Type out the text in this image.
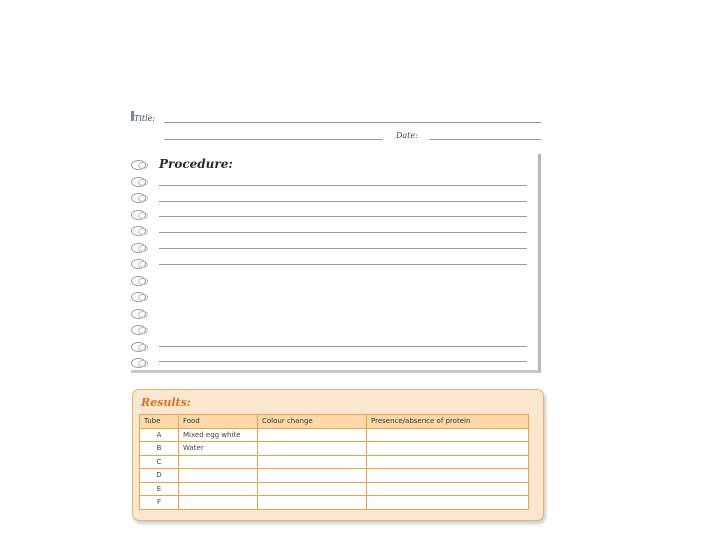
Title:
Date:
Procedure:
Results:
Tube	Food	Colour change	Presence/absence of protein
A	Mixed egg white		
B	Water		
C			
D			
E			
F			
